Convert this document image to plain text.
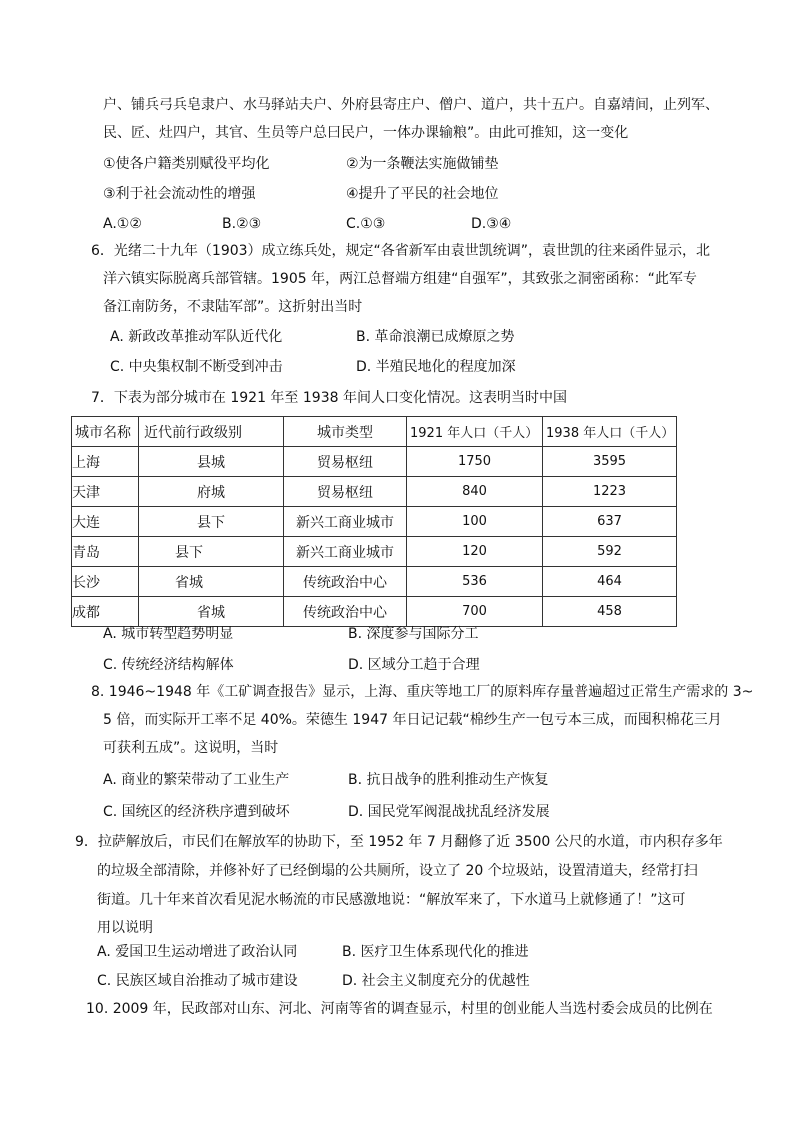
户、铺兵弓兵皂隶户、水马驿站夫户、外府县寄庄户、僧户、道户，共十五户。自嘉靖间，止列军、
民、匠、灶四户，其官、生员等户总曰民户，一体办课输粮”。由此可推知，这一变化
①使各户籍类别赋役平均化	②为一条鞭法实施做铺垫
③利于社会流动性的增强	④提升了平民的社会地位
A.①②	B.②③	C.①③	D.③④
6．光绪二十九年（1903）成立练兵处，规定“各省新军由袁世凯统调”，袁世凯的往来函件显示，北
洋六镇实际脱离兵部管辖。1905 年，两江总督端方组建“自强军”，其致张之洞密函称：“此军专
备江南防务，不隶陆军部”。这折射出当时
A. 新政改革推动军队近代化	B. 革命浪潮已成燎原之势
C. 中央集权制不断受到冲击	D. 半殖民地化的程度加深
7．下表为部分城市在 1921 年至 1938 年间人口变化情况。这表明当时中国
城市名称	近代前行政级别	城市类型	1921 年人口（千人）	1938 年人口（千人）
上海	县城	贸易枢纽	1750	3595
天津	府城	贸易枢纽	840	1223
大连	县下	新兴工商业城市	100	637
青岛	县下	新兴工商业城市	120	592
长沙	省城	传统政治中心	536	464
成都	省城	传统政治中心	700	458
A. 城市转型趋势明显	B. 深度参与国际分工
C. 传统经济结构解体	D. 区域分工趋于合理
8. 1946~1948 年《工矿调查报告》显示，上海、重庆等地工厂的原料库存量普遍超过正常生产需求的 3~
5 倍，而实际开工率不足 40%。荣德生 1947 年日记记载“棉纱生产一包亏本三成，而囤积棉花三月
可获利五成”。这说明，当时
A. 商业的繁荣带动了工业生产	B. 抗日战争的胜利推动生产恢复
C. 国统区的经济秩序遭到破坏	D. 国民党军阀混战扰乱经济发展
9．拉萨解放后，市民们在解放军的协助下，至 1952 年 7 月翻修了近 3500 公尺的水道，市内积存多年
的垃圾全部清除，并修补好了已经倒塌的公共厕所，设立了 20 个垃圾站，设置清道夫，经常打扫
街道。几十年来首次看见泥水畅流的市民感激地说：“解放军来了，下水道马上就修通了！”这可
用以说明
A. 爱国卫生运动增进了政治认同	B. 医疗卫生体系现代化的推进
C. 民族区域自治推动了城市建设	D. 社会主义制度充分的优越性
10. 2009 年，民政部对山东、河北、河南等省的调查显示，村里的创业能人当选村委会成员的比例在
